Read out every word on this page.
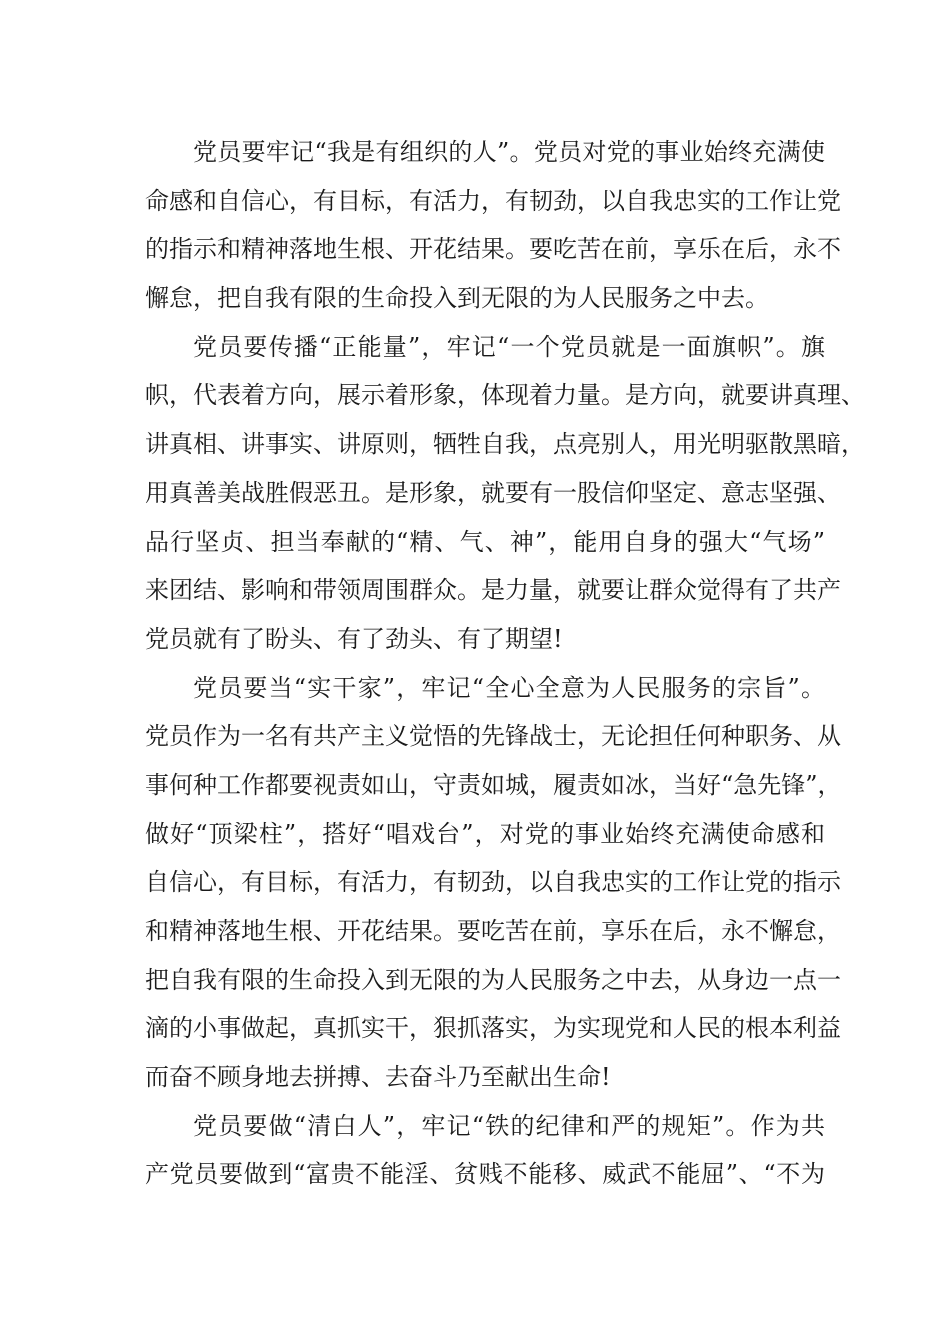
党员要牢记“我是有组织的人”。党员对党的事业始终充满使
命感和自信心，有目标，有活力，有韧劲，以自我忠实的工作让党
的指示和精神落地生根、开花结果。要吃苦在前，享乐在后，永不
懈怠，把自我有限的生命投入到无限的为人民服务之中去。
党员要传播“正能量”，牢记“一个党员就是一面旗帜”。旗
帜，代表着方向，展示着形象，体现着力量。是方向，就要讲真理、
讲真相、讲事实、讲原则，牺牲自我，点亮别人，用光明驱散黑暗，
用真善美战胜假恶丑。是形象，就要有一股信仰坚定、意志坚强、
品行坚贞、担当奉献的“精、气、神”，能用自身的强大“气场”
来团结、影响和带领周围群众。是力量，就要让群众觉得有了共产
党员就有了盼头、有了劲头、有了期望!
党员要当“实干家”，牢记“全心全意为人民服务的宗旨”。
党员作为一名有共产主义觉悟的先锋战士，无论担任何种职务、从
事何种工作都要视责如山，守责如城，履责如冰，当好“急先锋”，
做好“顶梁柱”，搭好“唱戏台”，对党的事业始终充满使命感和
自信心，有目标，有活力，有韧劲，以自我忠实的工作让党的指示
和精神落地生根、开花结果。要吃苦在前，享乐在后，永不懈怠，
把自我有限的生命投入到无限的为人民服务之中去，从身边一点一
滴的小事做起，真抓实干，狠抓落实，为实现党和人民的根本利益
而奋不顾身地去拼搏、去奋斗乃至献出生命!
党员要做“清白人”，牢记“铁的纪律和严的规矩”。作为共
产党员要做到“富贵不能淫、贫贱不能移、威武不能屈”、“不为
